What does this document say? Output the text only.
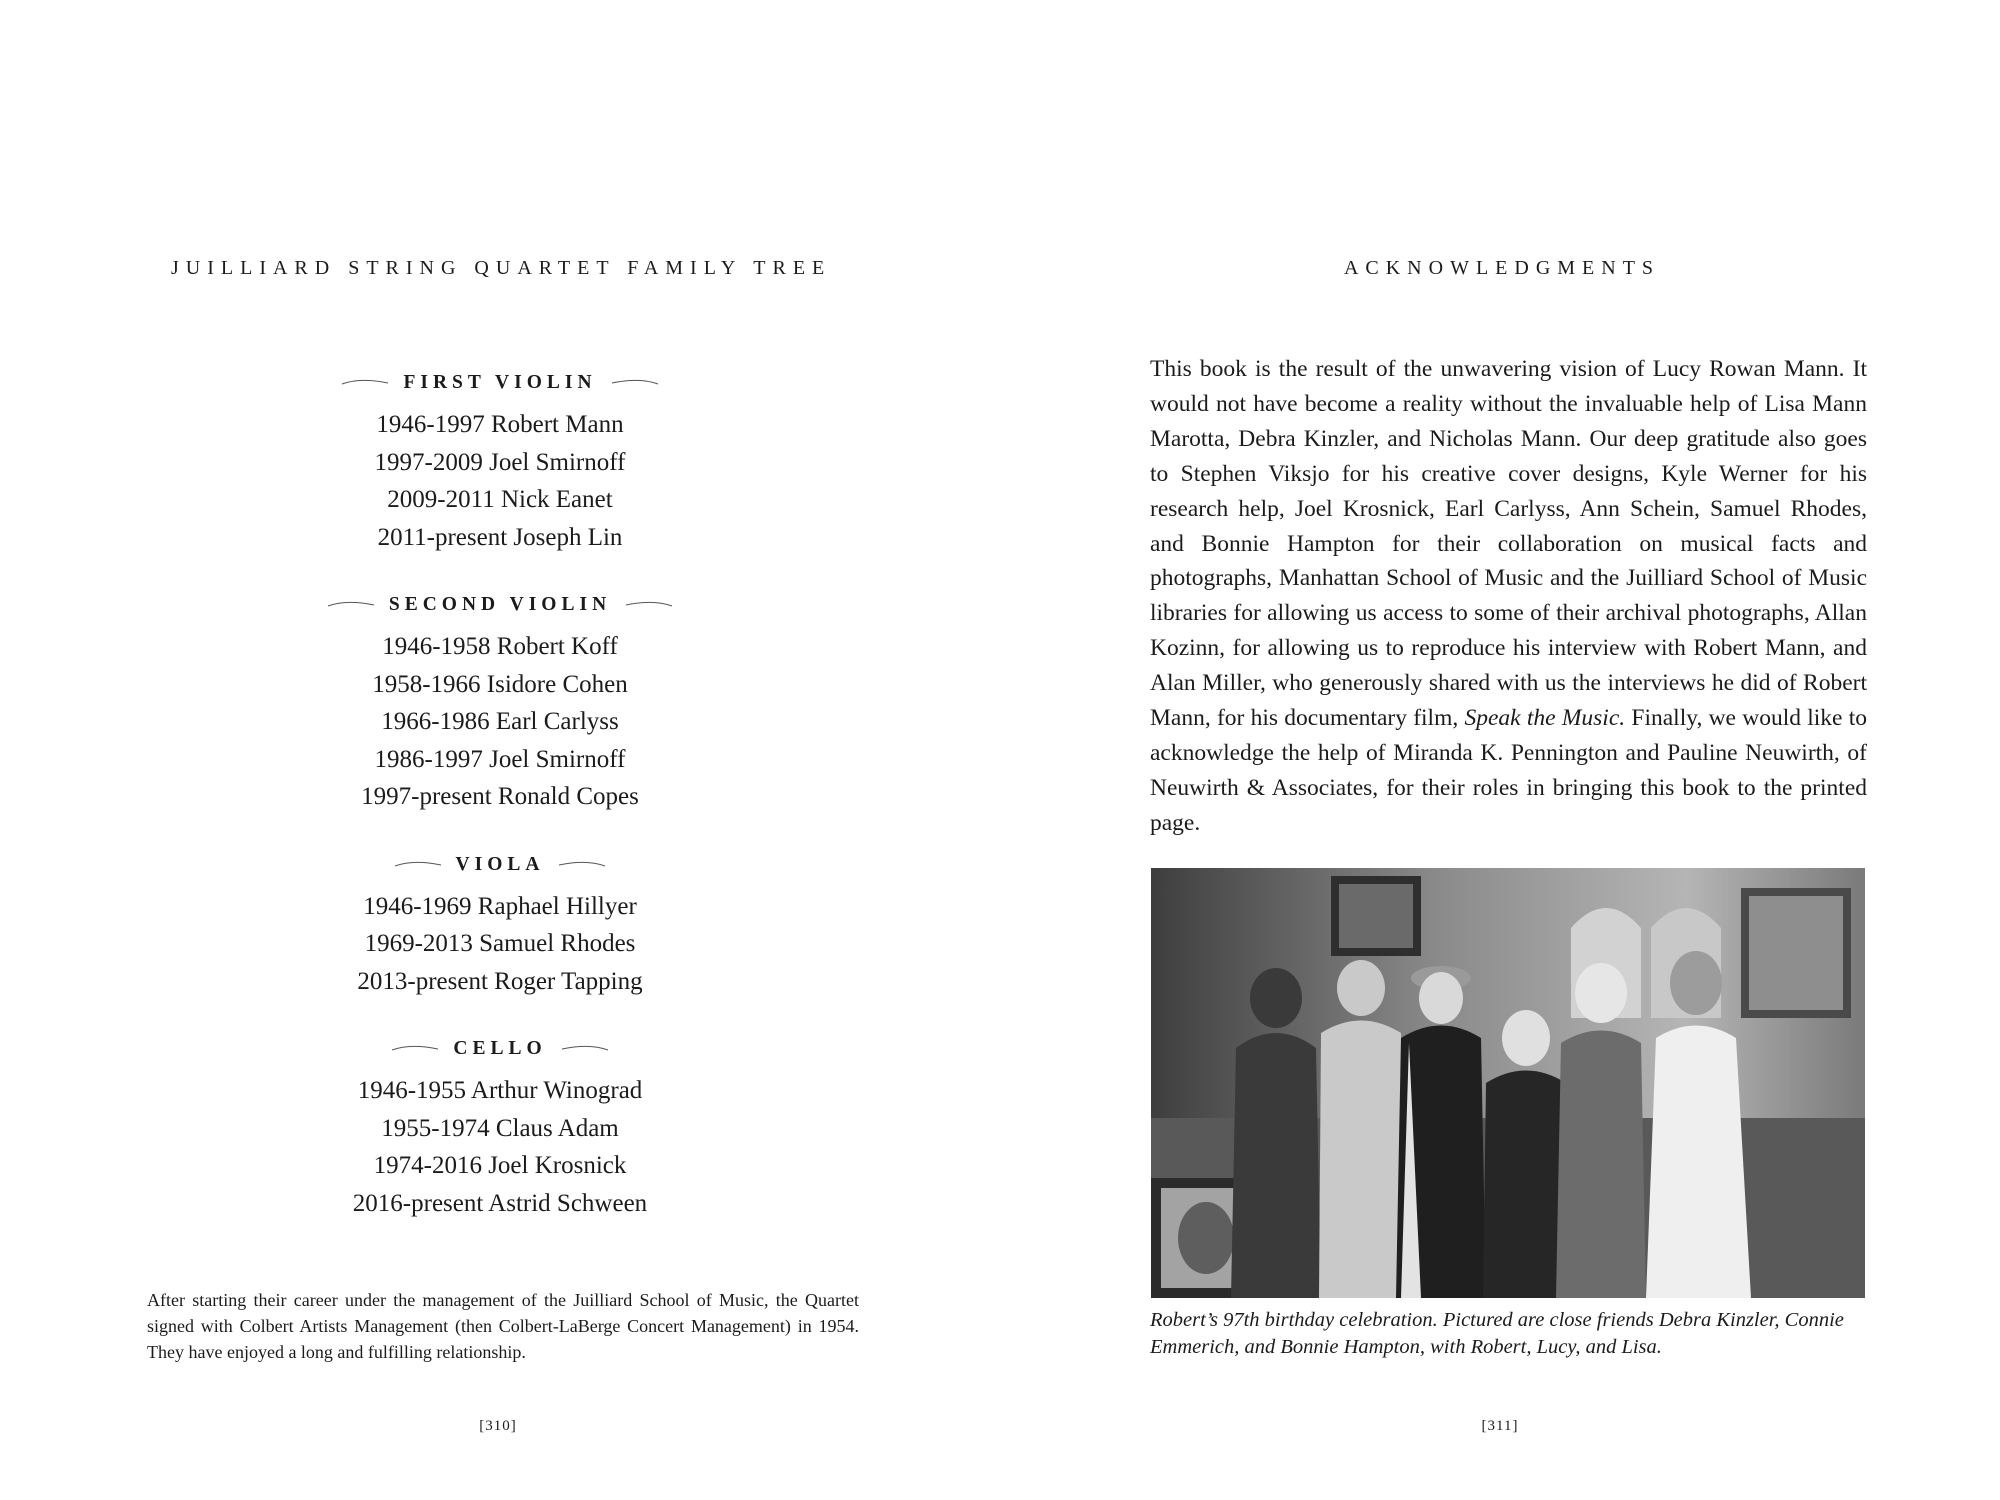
JUILLIARD STRING QUARTET FAMILY TREE
FIRST VIOLIN
1946-1997 Robert Mann
1997-2009 Joel Smirnoff
2009-2011 Nick Eanet
2011-present Joseph Lin
SECOND VIOLIN
1946-1958 Robert Koff
1958-1966 Isidore Cohen
1966-1986 Earl Carlyss
1986-1997 Joel Smirnoff
1997-present Ronald Copes
VIOLA
1946-1969 Raphael Hillyer
1969-2013 Samuel Rhodes
2013-present Roger Tapping
CELLO
1946-1955 Arthur Winograd
1955-1974 Claus Adam
1974-2016 Joel Krosnick
2016-present Astrid Schween
After starting their career under the management of the Juilliard School of Music, the Quartet signed with Colbert Artists Management (then Colbert-LaBerge Concert Management) in 1954. They have enjoyed a long and fulfilling relationship.
[310]
ACKNOWLEDGMENTS
This book is the result of the unwavering vision of Lucy Rowan Mann. It would not have become a reality without the invaluable help of Lisa Mann Marotta, Debra Kinzler, and Nicholas Mann. Our deep gratitude also goes to Stephen Viksjo for his creative cover designs, Kyle Werner for his research help, Joel Krosnick, Earl Carlyss, Ann Schein, Samuel Rhodes, and Bonnie Hampton for their collaboration on musical facts and photographs, Manhattan School of Music and the Juilliard School of Music libraries for allowing us access to some of their archival photographs, Allan Kozinn, for allowing us to reproduce his interview with Robert Mann, and Alan Miller, who generously shared with us the interviews he did of Robert Mann, for his documentary film, Speak the Music. Finally, we would like to acknowledge the help of Miranda K. Pennington and Pauline Neuwirth, of Neuwirth & Associates, for their roles in bringing this book to the printed page.
Robert’s 97th birthday celebration. Pictured are close friends Debra Kinzler, Connie Emmerich, and Bonnie Hampton, with Robert, Lucy, and Lisa.
[311]
